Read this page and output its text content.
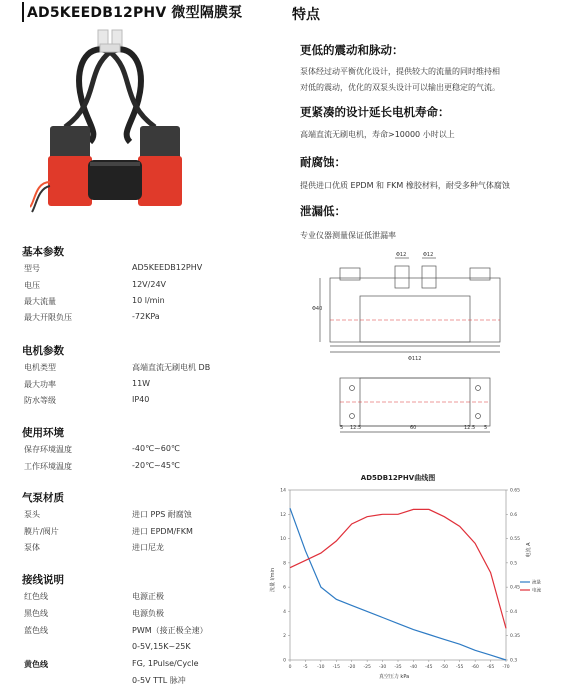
AD5KEEDB12PHV 微型隔膜泵	特点
更低的震动和脉动：
泵体经过动平衡优化设计，提供较大的流量的同时维持相
对低的震动，优化的双泵头设计可以输出更稳定的气流。
更紧凑的设计延长电机寿命：
高端直流无刷电机，寿命>10000 小时以上
耐腐蚀：
提供进口优质 EPDM 和 FKM 橡胶材料，耐受多种气体腐蚀
泄漏低：
专业仪器测量保证低泄漏率
基本参数
型号	AD5KEEDB12PHV
电压	12V/24V
最大流量	10 l/min
最大开限负压	-72KPa
电机参数
电机类型	高端直流无刷电机 DB
最大功率	11W
防水等级	IP40
使用环境
保存环境温度	-40℃~60℃
工作环境温度	-20℃~45℃
气泵材质
泵头	进口 PPS 耐腐蚀
膜片/阀片	进口 EPDM/FKM
泵体	进口尼龙
接线说明
红色线	电源正极
黑色线	电源负极
蓝色线	PWM（接正极全速）
0-5V,15K~25K
黄色线	FG, 1Pulse/Cycle
0-5V TTL 脉冲
Φ12	Φ12
Φ112
Φ40
5 12.5	60	12.5 5
AD5DB12PHV曲线图
真空压力 kPa
流量 l/min
电流 A
0
2
4
6
8
10
12
14
0.3
0.35
0.4
0.45
0.5
0.55
0.6
0.65
0	-5 -10 -15 -20 -25 -30 -35 -40 -45 -50 -55 -60 -65 -70
流量
电流
